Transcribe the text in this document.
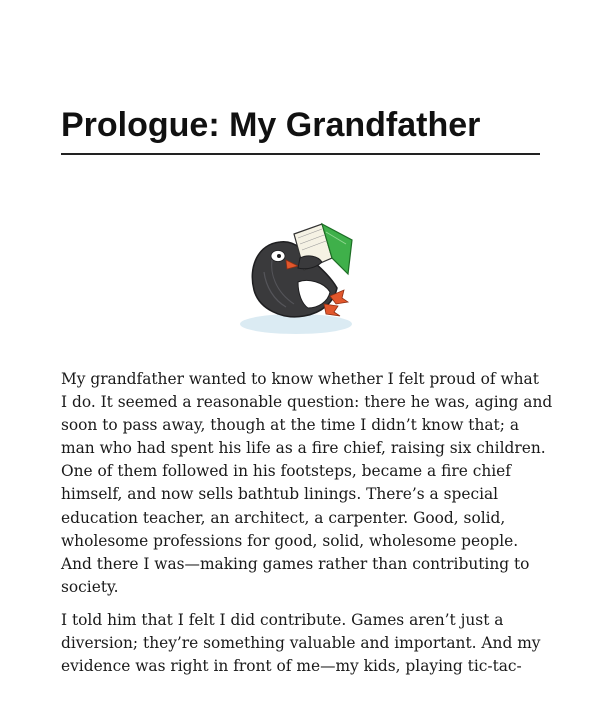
Prologue: My Grandfather

My grandfather wanted to know whether I felt proud of what
I do. It seemed a reasonable question: there he was, aging and
soon to pass away, though at the time I didn’t know that; a
man who had spent his life as a fire chief, raising six children.
One of them followed in his footsteps, became a fire chief
himself, and now sells bathtub linings. There’s a special
education teacher, an architect, a carpenter. Good, solid,
wholesome professions for good, solid, wholesome people.
And there I was—making games rather than contributing to
society.

I told him that I felt I did contribute. Games aren’t just a
diversion; they’re something valuable and important. And my
evidence was right in front of me—my kids, playing tic-tac-
